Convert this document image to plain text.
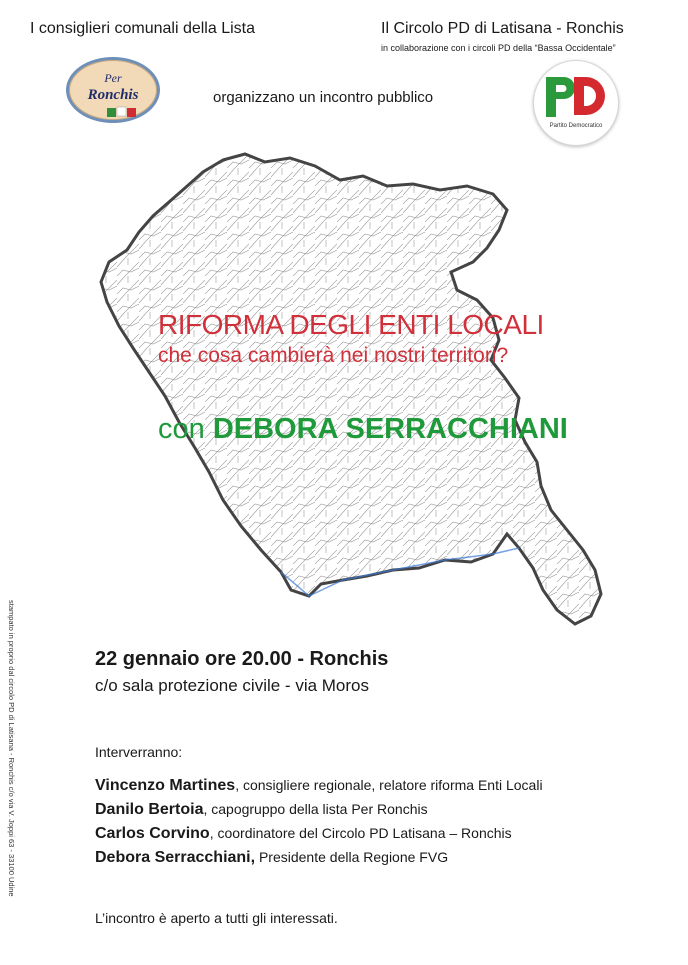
I consiglieri comunali della Lista	Il Circolo PD di Latisana - Ronchis
in collaborazione con i circoli PD della “Bassa Occidentale”
organizzano un incontro pubblico
Per
Ronchis
Partito Democratico
RIFORMA DEGLI ENTI LOCALI
che cosa cambierà nei nostri territori?
con DEBORA SERRACCHIANI
22 gennaio ore 20.00 - Ronchis
c/o sala protezione civile - via Moros
Interverranno:
Vincenzo Martines, consigliere regionale, relatore riforma Enti Locali
Danilo Bertoia, capogruppo della lista Per Ronchis
Carlos Corvino, coordinatore del Circolo PD Latisana – Ronchis
Debora Serracchiani, Presidente della Regione FVG
L’incontro è aperto a tutti gli interessati.
stampato in proprio dal circolo PD di Latisana - Ronchis c/o via V. Joppi 63 - 33100 Udine
